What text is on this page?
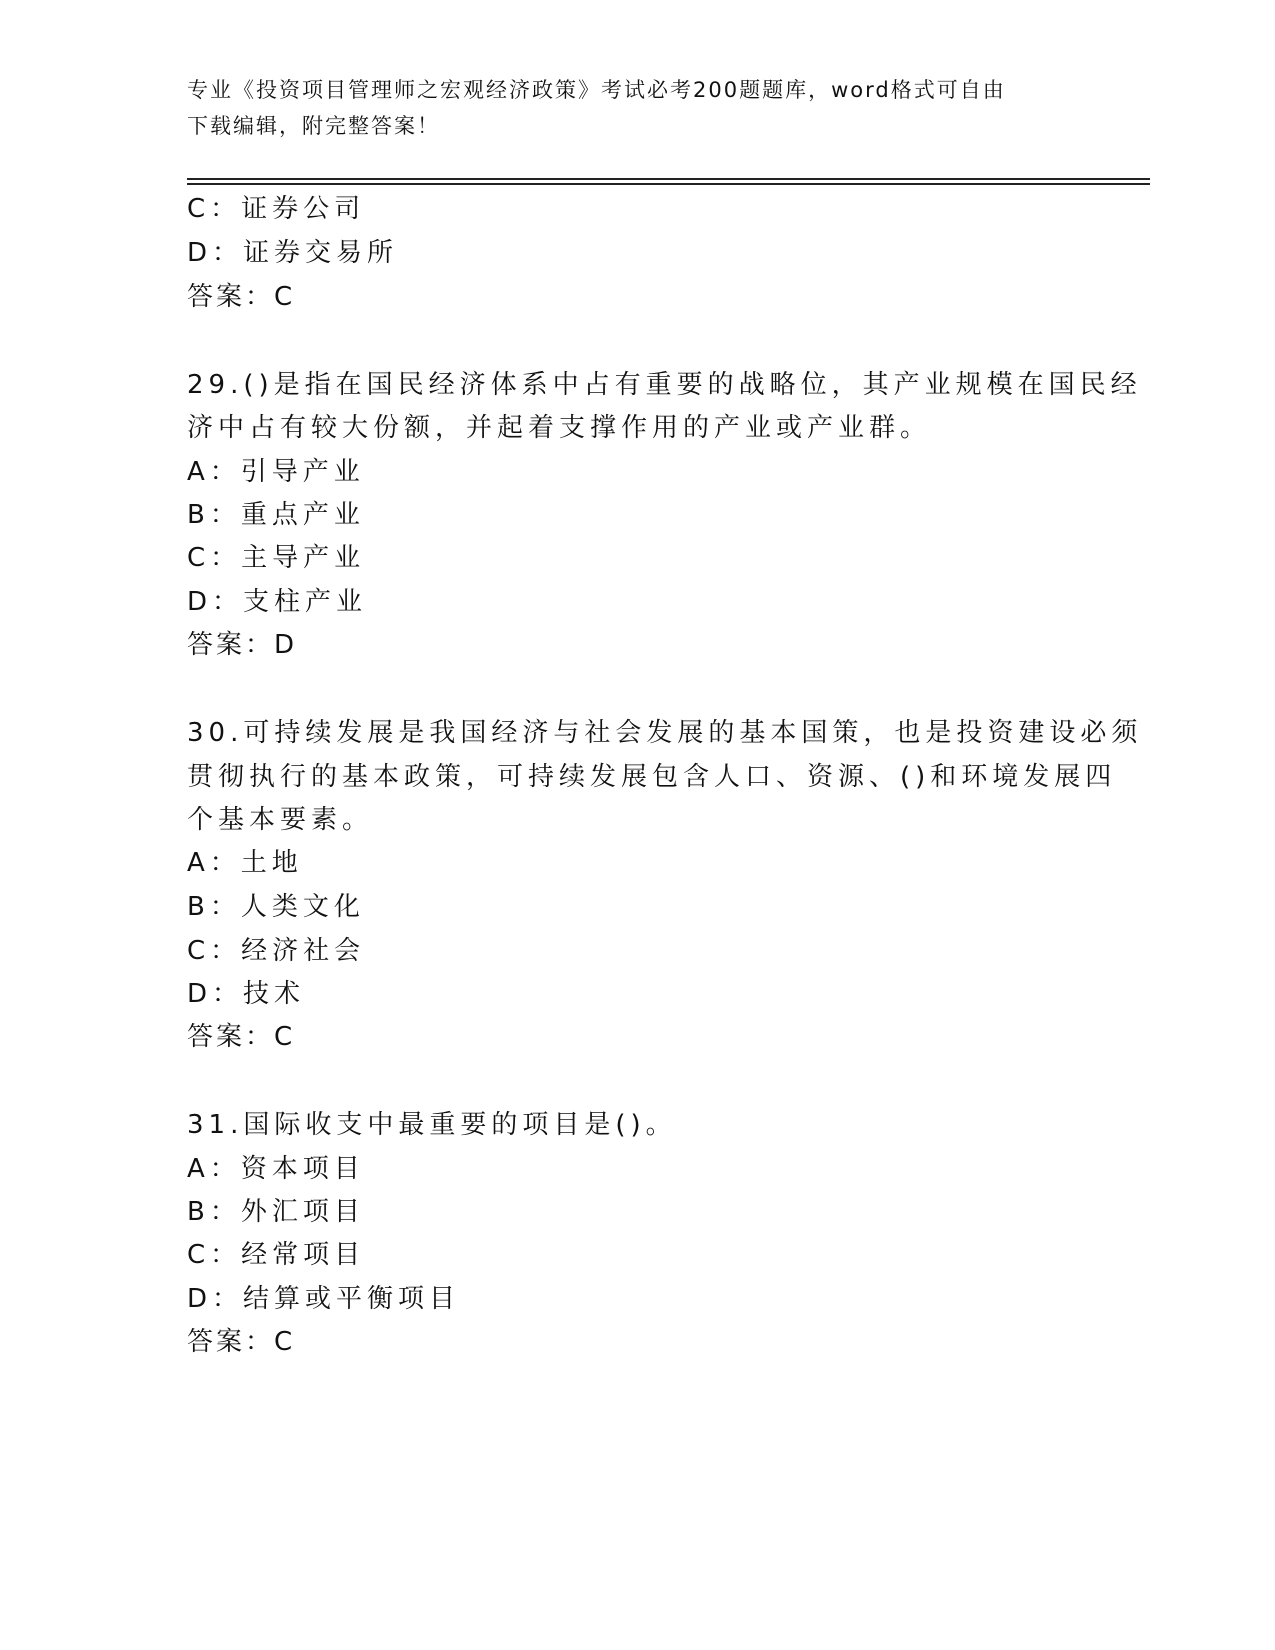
专业《投资项目管理师之宏观经济政策》考试必考200题题库，word格式可自由
下载编辑，附完整答案！
C：证券公司
D：证券交易所
答案：C
29.()是指在国民经济体系中占有重要的战略位，其产业规模在国民经
济中占有较大份额，并起着支撑作用的产业或产业群。
A：引导产业
B：重点产业
C：主导产业
D：支柱产业
答案：D
30.可持续发展是我国经济与社会发展的基本国策，也是投资建设必须
贯彻执行的基本政策，可持续发展包含人口、资源、()和环境发展四
个基本要素。
A：土地
B：人类文化
C：经济社会
D：技术
答案：C
31.国际收支中最重要的项目是()。
A：资本项目
B：外汇项目
C：经常项目
D：结算或平衡项目
答案：C
